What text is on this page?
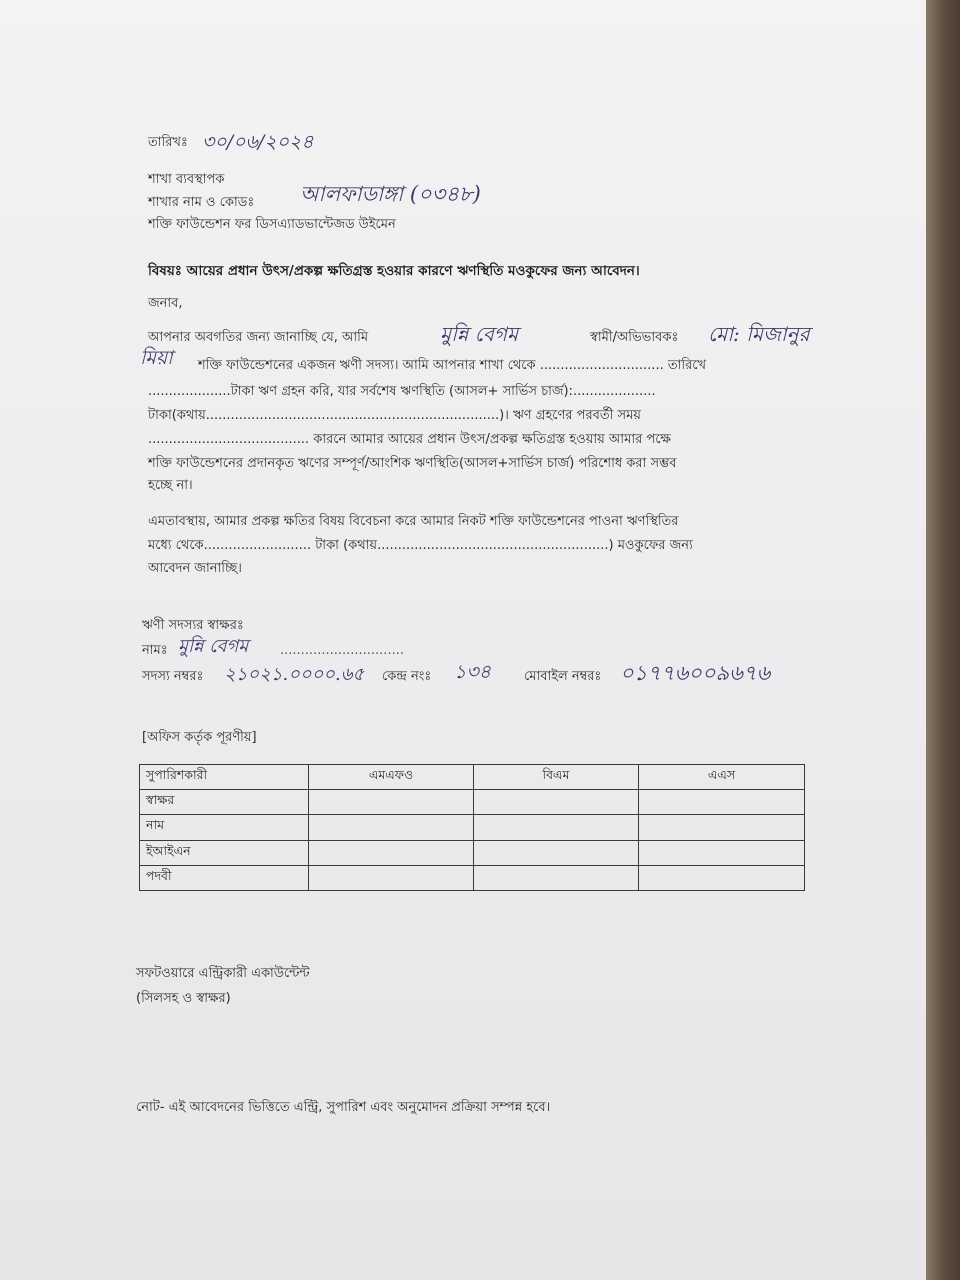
তারিখঃ ৩০/০৬/২০২৪
শাখা ব্যবস্থাপক
শাখার নাম ও কোডঃ আলফাডাঙ্গা (০৩৪৮)
শক্তি ফাউন্ডেশন ফর ডিসএ্যাডভান্টেজড উইমেন
বিষয়ঃ আয়ের প্রধান উৎস/প্রকল্প ক্ষতিগ্রস্ত হওয়ার কারণে ঋণস্থিতি মওকুফের জন্য আবেদন।
জনাব,
আপনার অবগতির জন্য জানাচ্ছি যে, আমি	মুন্নি বেগম	স্বামী/অভিভাবকঃ মো: মিজানুর
মিয়া শক্তি ফাউন্ডেশনের একজন ঋণী সদস্য। আমি আপনার শাখা থেকে .............................. তারিখে
....................টাকা ঋণ গ্রহন করি, যার সর্বশেষ ঋণস্থিতি (আসল+ সার্ভিস চার্জ):....................
টাকা(কথায়.......................................................................)। ঋণ গ্রহণের পরবর্তী সময়
....................................... কারনে আমার আয়ের প্রধান উৎস/প্রকল্প ক্ষতিগ্রস্ত হওয়ায় আমার পক্ষে
শক্তি ফাউন্ডেশনের প্রদানকৃত ঋণের সম্পূর্ণ/আংশিক ঋণস্থিতি(আসল+সার্ভিস চার্জ) পরিশোধ করা সম্ভব
হচ্ছে না।
এমতাবস্থায়, আমার প্রকল্প ক্ষতির বিষয় বিবেচনা করে আমার নিকট শক্তি ফাউন্ডেশনের পাওনা ঋণস্থিতির
মধ্যে থেকে.......................... টাকা (কথায়........................................................) মওকুফের জন্য
আবেদন জানাচ্ছি।
ঋণী সদস্যর স্বাক্ষরঃ
নামঃ মুন্নি বেগম ..............................
সদস্য নম্বরঃ ২১০২১.০০০০.৬৫ কেন্দ্র নংঃ ১৩৪	মোবাইল নম্বরঃ ০১৭৭৬০০৯৬৭৬
[অফিস কর্তৃক পূরণীয়]
সুপারিশকারী	এমএফও	বিএম	এএস
স্বাক্ষর			
নাম			
ইআইএন			
পদবী			
সফটওয়ারে এন্ট্রিকারী একাউন্টেন্ট
(সিলসহ ও স্বাক্ষর)
নোট- এই আবেদনের ভিত্তিতে এন্ট্রি, সুপারিশ এবং অনুমোদন প্রক্রিয়া সম্পন্ন হবে।
